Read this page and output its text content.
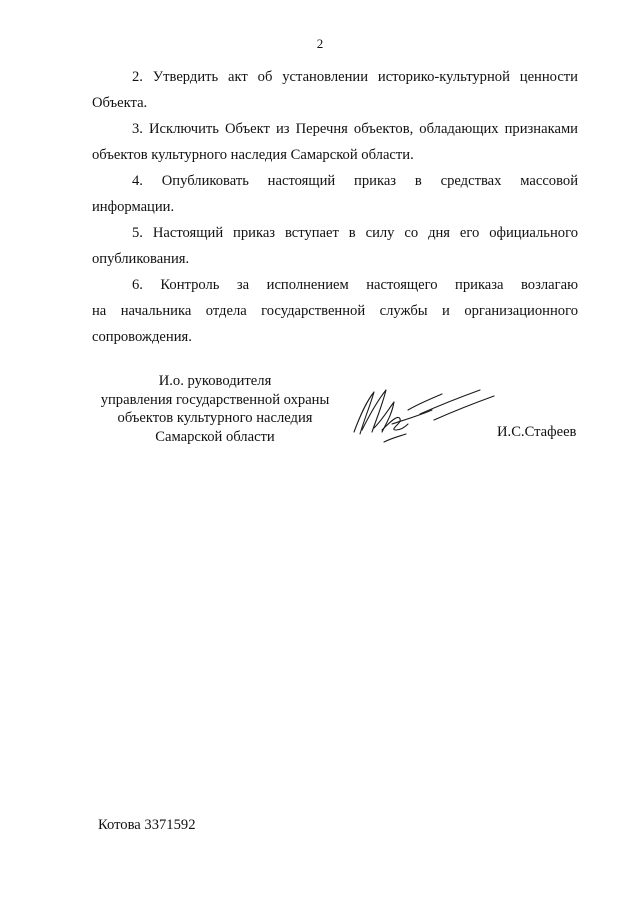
2

2. Утвердить акт об установлении историко-культурной ценности
Объекта.

3. Исключить Объект из Перечня объектов, обладающих признаками
объектов культурного наследия Самарской области.

4. Опубликовать настоящий приказ в средствах массовой
информации.

5. Настоящий приказ вступает в силу со дня его официального
опубликования.

6. Контроль за исполнением настоящего приказа возлагаю
на начальника отдела государственной службы и организационного
сопровождения.

И.о. руководителя
управления государственной охраны
объектов культурного наследия
Самарской области	И.С.Стафеев
Котова 3371592
